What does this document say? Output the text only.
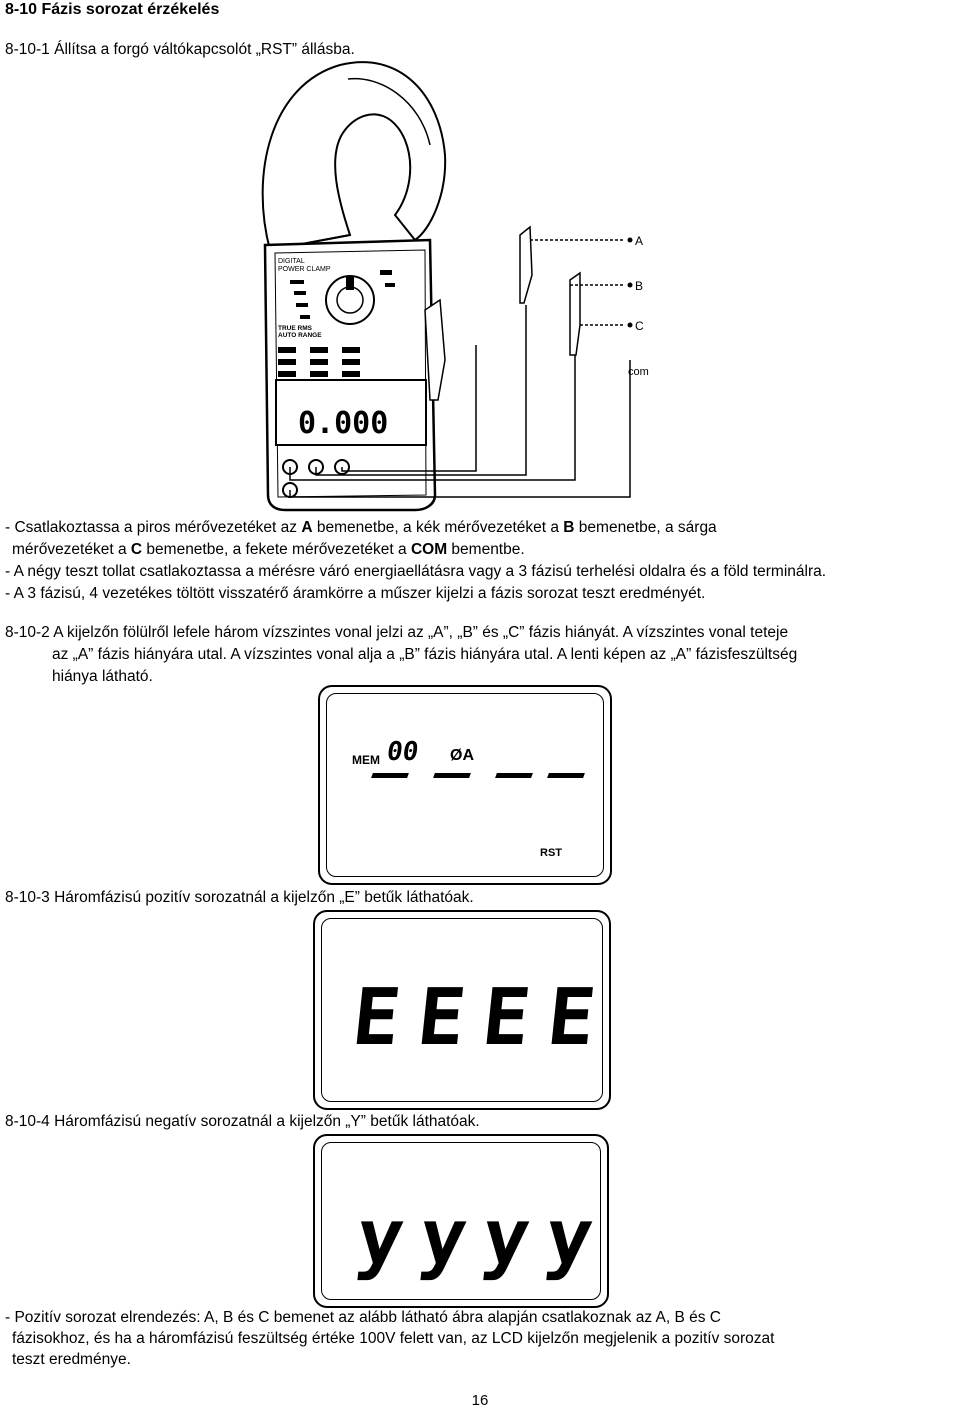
8-10 Fázis sorozat érzékelés

8-10-1 Állítsa a forgó váltókapcsolót „RST” állásba.

DIGITAL
POWER CLAMP
TRUE RMS
AUTO RANGE
0.000
A
B
C
com

- Csatlakoztassa a piros mérővezetéket az A bemenetbe, a kék mérővezetéket a B bemenetbe, a sárga

mérővezetéket a C bemenetbe, a fekete mérővezetéket a COM bementbe.

- A négy teszt tollat csatlakoztassa a mérésre váró energiaellátásra vagy a 3 fázisú terhelési oldalra és a föld terminálra.

- A 3 fázisú, 4 vezetékes töltött visszatérő áramkörre a műszer kijelzi a fázis sorozat teszt eredményét.

8-10-2 A kijelzőn fölülről lefele három vízszintes vonal jelzi az „A”, „B” és „C” fázis hiányát. A vízszintes vonal teteje

az „A” fázis hiányára utal. A vízszintes vonal alja a „B” fázis hiányára utal. A lenti képen az „A” fázisfeszültség

hiánya látható.

MEM 00 ØA
RST

8-10-3 Háromfázisú pozitív sorozatnál a kijelzőn „E” betűk láthatóak.

EEEE

8-10-4 Háromfázisú negatív sorozatnál a kijelzőn „Y” betűk láthatóak.

yyyy

- Pozitív sorozat elrendezés: A, B és C bemenet az alább látható ábra alapján csatlakoznak az A, B és C

fázisokhoz, és ha a háromfázisú feszültség értéke 100V felett van, az LCD kijelzőn megjelenik a pozitív sorozat

teszt eredménye.

16
